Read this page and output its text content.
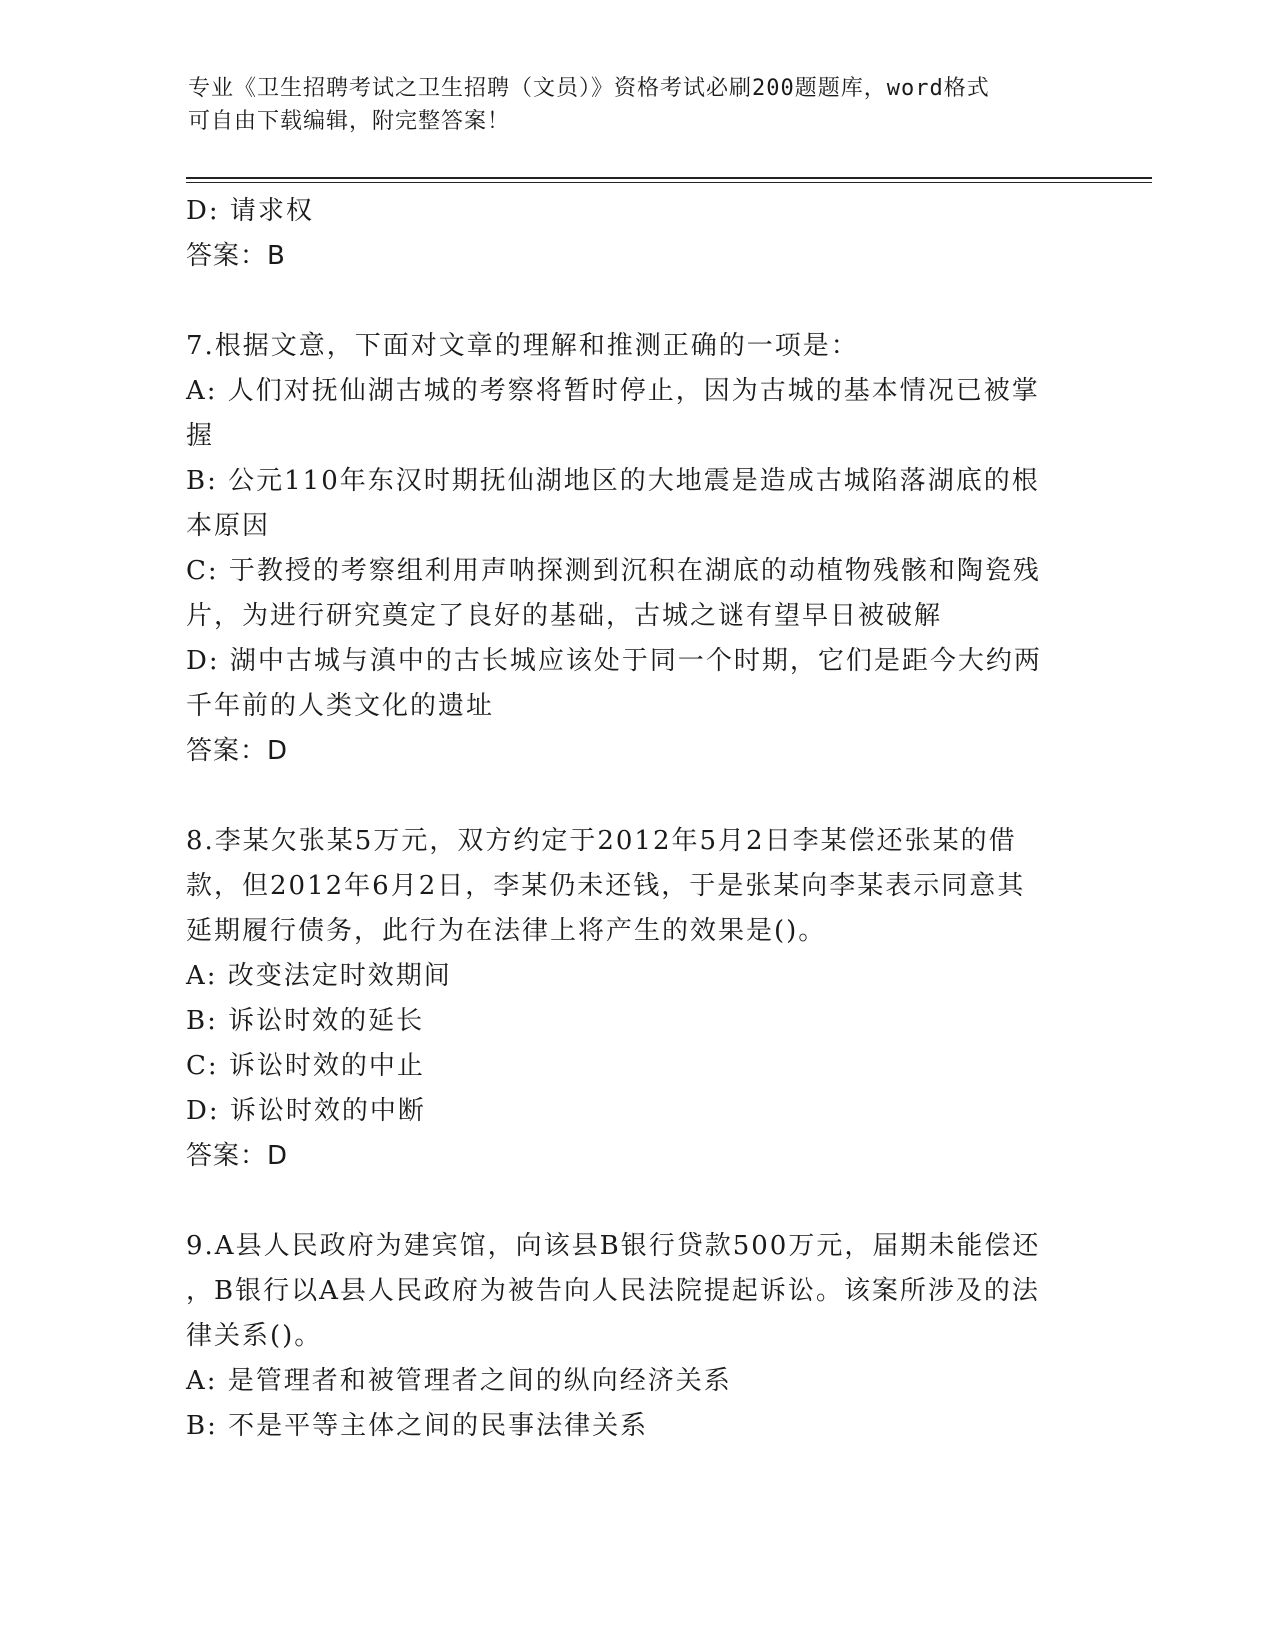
专业《卫生招聘考试之卫生招聘（文员）》资格考试必刷200题题库，word格式
可自由下载编辑，附完整答案！
D: 请求权
答案：B
7.根据文意，下面对文章的理解和推测正确的一项是：
A: 人们对抚仙湖古城的考察将暂时停止，因为古城的基本情况已被掌
握
B: 公元110年东汉时期抚仙湖地区的大地震是造成古城陷落湖底的根
本原因
C: 于教授的考察组利用声呐探测到沉积在湖底的动植物残骸和陶瓷残
片，为进行研究奠定了良好的基础，古城之谜有望早日被破解
D: 湖中古城与滇中的古长城应该处于同一个时期，它们是距今大约两
千年前的人类文化的遗址
答案：D
8.李某欠张某5万元，双方约定于2012年5月2日李某偿还张某的借
款，但2012年6月2日，李某仍未还钱，于是张某向李某表示同意其
延期履行债务，此行为在法律上将产生的效果是()。
A: 改变法定时效期间
B: 诉讼时效的延长
C: 诉讼时效的中止
D: 诉讼时效的中断
答案：D
9.A县人民政府为建宾馆，向该县B银行贷款500万元，届期未能偿还
，B银行以A县人民政府为被告向人民法院提起诉讼。该案所涉及的法
律关系()。
A: 是管理者和被管理者之间的纵向经济关系
B: 不是平等主体之间的民事法律关系
